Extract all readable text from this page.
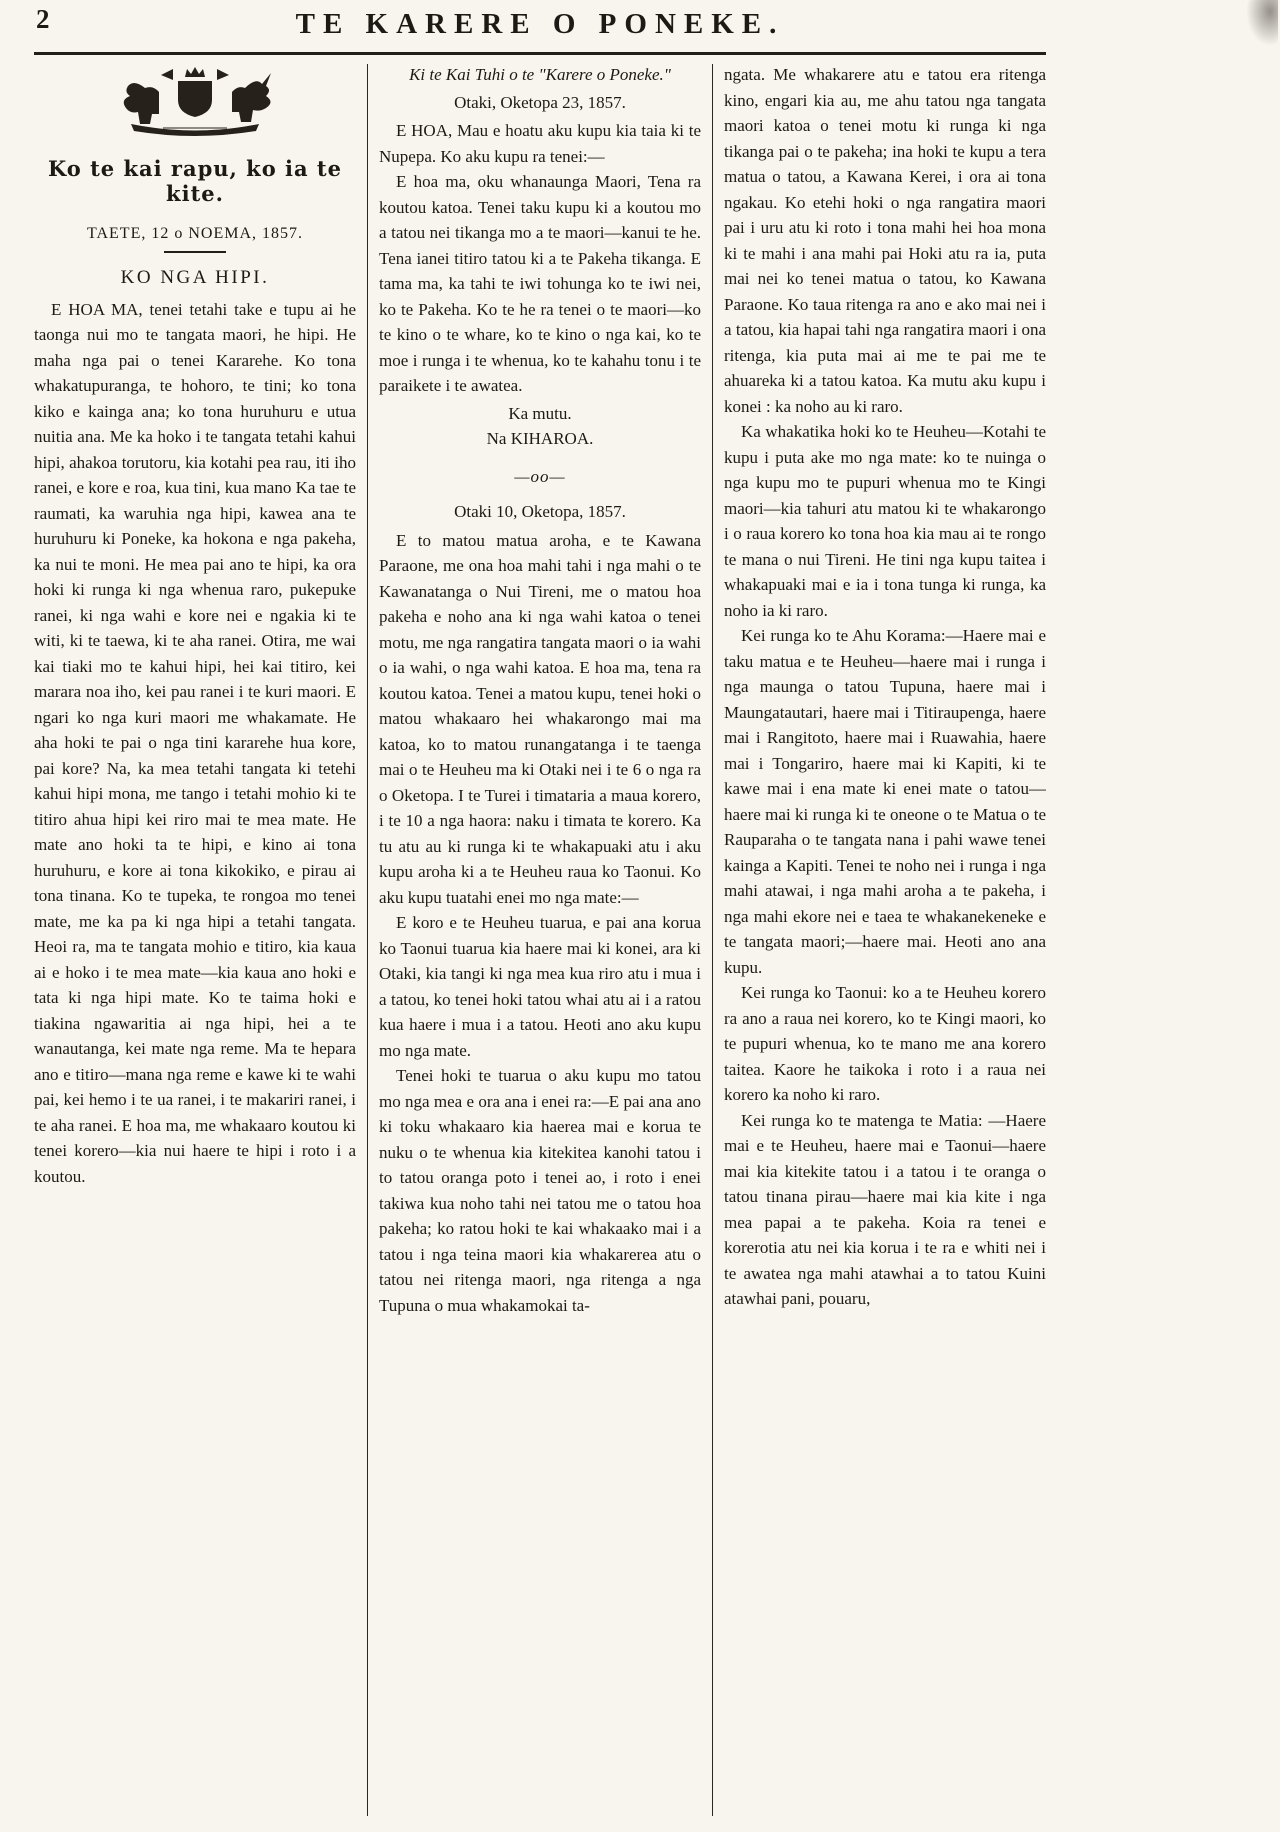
2	TE KARERE O PONEKE.
Ko te kai rapu, ko ia te kite.
TAETE, 12 o NOEMA, 1857.
KO NGA HIPI.

E HOA MA, tenei tetahi take e tupu ai he taonga nui mo te tangata maori, he hipi. He maha nga pai o tenei Kararehe. Ko tona whakatupuranga, te hohoro, te tini; ko tona kiko e kainga ana; ko tona huruhuru e utua nuitia ana. Me ka hoko i te tangata tetahi kahui hipi, ahakoa torutoru, kia kotahi pea rau, iti iho ranei, e kore e roa, kua tini, kua mano Ka tae te raumati, ka waruhia nga hipi, kawea ana te huruhuru ki Poneke, ka hokona e nga pakeha, ka nui te moni. He mea pai ano te hipi, ka ora hoki ki runga ki nga whenua raro, pukepuke ranei, ki nga wahi e kore nei e ngakia ki te witi, ki te taewa, ki te aha ranei. Otira, me wai kai tiaki mo te kahui hipi, hei kai titiro, kei marara noa iho, kei pau ranei i te kuri maori. E ngari ko nga kuri maori me whakamate. He aha hoki te pai o nga tini kararehe hua kore, pai kore? Na, ka mea tetahi tangata ki tetehi kahui hipi mona, me tango i tetahi mohio ki te titiro ahua hipi kei riro mai te mea mate. He mate ano hoki ta te hipi, e kino ai tona huruhuru, e kore ai tona kikokiko, e pirau ai tona tinana. Ko te tupeka, te rongoa mo tenei mate, me ka pa ki nga hipi a tetahi tangata. Heoi ra, ma te tangata mohio e titiro, kia kaua ai e hoko i te mea mate—kia kaua ano hoki e tata ki nga hipi mate. Ko te taima hoki e tiakina ngawaritia ai nga hipi, hei a te wanautanga, kei mate nga reme. Ma te hepara ano e titiro—mana nga reme e kawe ki te wahi pai, kei hemo i te ua ranei, i te makariri ranei, i te aha ranei. E hoa ma, me whakaaro koutou ki tenei korero—kia nui haere te hipi i roto i a koutou.

Ki te Kai Tuhi o te "Karere o Poneke."

Otaki, Oketopa 23, 1857.

E HOA, Mau e hoatu aku kupu kia taia ki te Nupepa. Ko aku kupu ra tenei:—

E hoa ma, oku whanaunga Maori, Tena ra koutou katoa. Tenei taku kupu ki a koutou mo a tatou nei tikanga mo a te maori—kanui te he. Tena ianei titiro tatou ki a te Pakeha tikanga. E tama ma, ka tahi te iwi tohunga ko te iwi nei, ko te Pakeha. Ko te he ra tenei o te maori—ko te kino o te whare, ko te kino o nga kai, ko te moe i runga i te whenua, ko te kahahu tonu i te paraikete i te awatea.

Ka mutu.

Na KIHAROA.

—oo—

Otaki 10, Oketopa, 1857.

E to matou matua aroha, e te Kawana Paraone, me ona hoa mahi tahi i nga mahi o te Kawanatanga o Nui Tireni, me o matou hoa pakeha e noho ana ki nga wahi katoa o tenei motu, me nga rangatira tangata maori o ia wahi o ia wahi, o nga wahi katoa. E hoa ma, tena ra koutou katoa. Tenei a matou kupu, tenei hoki o matou whakaaro hei whakarongo mai ma katoa, ko to matou runangatanga i te taenga mai o te Heuheu ma ki Otaki nei i te 6 o nga ra o Oketopa. I te Turei i timataria a maua korero, i te 10 a nga haora: naku i timata te korero. Ka tu atu au ki runga ki te whakapuaki atu i aku kupu aroha ki a te Heuheu raua ko Taonui. Ko aku kupu tuatahi enei mo nga mate:—

E koro e te Heuheu tuarua, e pai ana korua ko Taonui tuarua kia haere mai ki konei, ara ki Otaki, kia tangi ki nga mea kua riro atu i mua i a tatou, ko tenei hoki tatou whai atu ai i a ratou kua haere i mua i a tatou. Heoti ano aku kupu mo nga mate.

Tenei hoki te tuarua o aku kupu mo tatou mo nga mea e ora ana i enei ra:—E pai ana ano ki toku whakaaro kia haerea mai e korua te nuku o te whenua kia kitekitea kanohi tatou i to tatou oranga poto i tenei ao, i roto i enei takiwa kua noho tahi nei tatou me o tatou hoa pakeha; ko ratou hoki te kai whakaako mai i a tatou i nga teina maori kia whakarerea atu o tatou nei ritenga maori, nga ritenga a nga Tupuna o mua whakamokai ta-

ngata. Me whakarere atu e tatou era ritenga kino, engari kia au, me ahu tatou nga tangata maori katoa o tenei motu ki runga ki nga tikanga pai o te pakeha; ina hoki te kupu a tera matua o tatou, a Kawana Kerei, i ora ai tona ngakau. Ko etehi hoki o nga rangatira maori pai i uru atu ki roto i tona mahi hei hoa mona ki te mahi i ana mahi pai Hoki atu ra ia, puta mai nei ko tenei matua o tatou, ko Kawana Paraone. Ko taua ritenga ra ano e ako mai nei i a tatou, kia hapai tahi nga rangatira maori i ona ritenga, kia puta mai ai me te pai me te ahuareka ki a tatou katoa. Ka mutu aku kupu i konei : ka noho au ki raro.

Ka whakatika hoki ko te Heuheu—Kotahi te kupu i puta ake mo nga mate: ko te nuinga o nga kupu mo te pupuri whenua mo te Kingi maori—kia tahuri atu matou ki te whakarongo i o raua korero ko tona hoa kia mau ai te rongo te mana o nui Tireni. He tini nga kupu taitea i whakapuaki mai e ia i tona tunga ki runga, ka noho ia ki raro.

Kei runga ko te Ahu Korama:—Haere mai e taku matua e te Heuheu—haere mai i runga i nga maunga o tatou Tupuna, haere mai i Maungatautari, haere mai i Titiraupenga, haere mai i Rangitoto, haere mai i Ruawahia, haere mai i Tongariro, haere mai ki Kapiti, ki te kawe mai i ena mate ki enei mate o tatou—haere mai ki runga ki te oneone o te Matua o te Rauparaha o te tangata nana i pahi wawe tenei kainga a Kapiti. Tenei te noho nei i runga i nga mahi atawai, i nga mahi aroha a te pakeha, i nga mahi ekore nei e taea te whakanekeneke e te tangata maori;—haere mai. Heoti ano ana kupu.

Kei runga ko Taonui: ko a te Heuheu korero ra ano a raua nei korero, ko te Kingi maori, ko te pupuri whenua, ko te mano me ana korero taitea. Kaore he taikoka i roto i a raua nei korero ka noho ki raro.

Kei runga ko te matenga te Matia: —Haere mai e te Heuheu, haere mai e Taonui—haere mai kia kitekite tatou i a tatou i te oranga o tatou tinana pirau—haere mai kia kite i nga mea papai a te pakeha. Koia ra tenei e korerotia atu nei kia korua i te ra e whiti nei i te awatea nga mahi atawhai a to tatou Kuini atawhai pani, pouaru,
